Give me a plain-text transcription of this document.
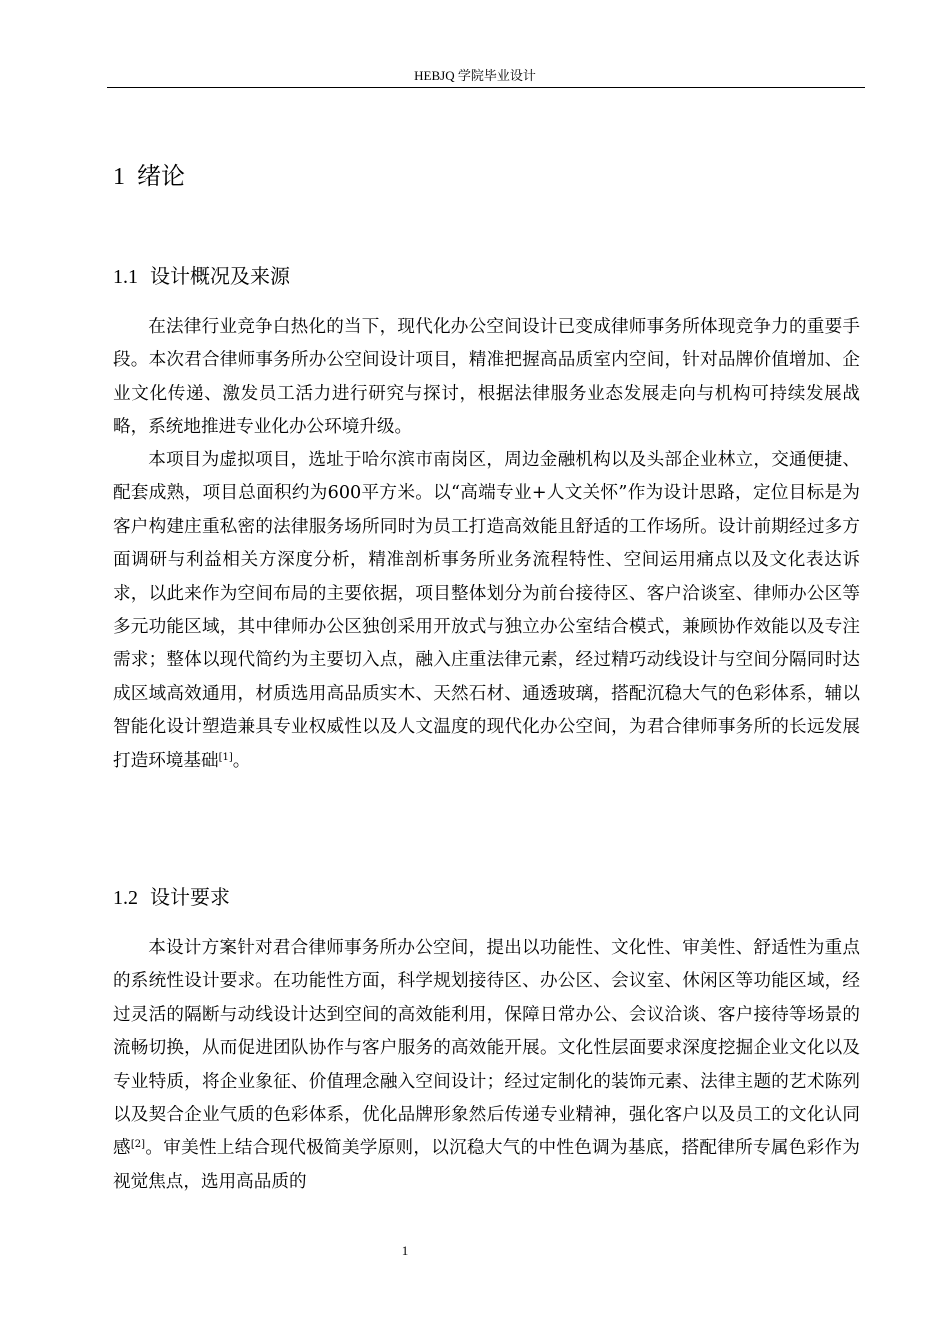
HEBJQ 学院毕业设计
1 绪论
1.1 设计概况及来源

在法律行业竞争白热化的当下，现代化办公空间设计已变成律师事务所体现竞争力的重要手段。本次君合律师事务所办公空间设计项目，精准把握高品质室内空间，针对品牌价值增加、企业文化传递、激发员工活力进行研究与探讨，根据法律服务业态发展走向与机构可持续发展战略，系统地推进专业化办公环境升级。

本项目为虚拟项目，选址于哈尔滨市南岗区，周边金融机构以及头部企业林立，交通便捷、配套成熟，项目总面积约为600平方米。以“高端专业+人文关怀”作为设计思路，定位目标是为客户构建庄重私密的法律服务场所同时为员工打造高效能且舒适的工作场所。设计前期经过多方面调研与利益相关方深度分析，精准剖析事务所业务流程特性、空间运用痛点以及文化表达诉求，以此来作为空间布局的主要依据，项目整体划分为前台接待区、客户洽谈室、律师办公区等多元功能区域，其中律师办公区独创采用开放式与独立办公室结合模式，兼顾协作效能以及专注需求；整体以现代简约为主要切入点，融入庄重法律元素，经过精巧动线设计与空间分隔同时达成区域高效通用，材质选用高品质实木、天然石材、通透玻璃，搭配沉稳大气的色彩体系，辅以智能化设计塑造兼具专业权威性以及人文温度的现代化办公空间，为君合律师事务所的长远发展打造环境基础[1]。

1.2 设计要求

本设计方案针对君合律师事务所办公空间，提出以功能性、文化性、审美性、舒适性为重点的系统性设计要求。在功能性方面，科学规划接待区、办公区、会议室、休闲区等功能区域，经过灵活的隔断与动线设计达到空间的高效能利用，保障日常办公、会议洽谈、客户接待等场景的流畅切换，从而促进团队协作与客户服务的高效能开展。文化性层面要求深度挖掘企业文化以及专业特质，将企业象征、价值理念融入空间设计；经过定制化的装饰元素、法律主题的艺术陈列以及契合企业气质的色彩体系，优化品牌形象然后传递专业精神，强化客户以及员工的文化认同感[2]。审美性上结合现代极简美学原则，以沉稳大气的中性色调为基底，搭配律所专属色彩作为视觉焦点，选用高品质的

1
